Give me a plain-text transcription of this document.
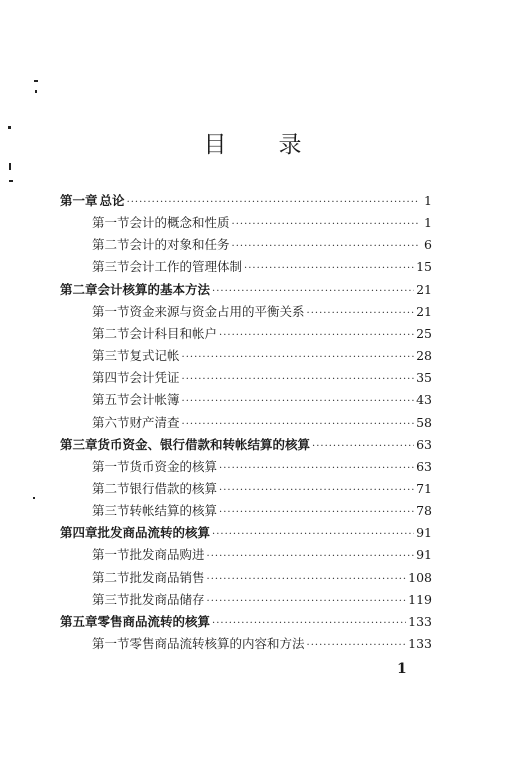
目 录
第一章 总论 ·····	1
第一节 会计的概念和性质 ·····	1
第二节 会计的对象和任务 ·····	6
第三节 会计工作的管理体制 ·····	15
第二章 会计核算的基本方法 ·····	21
第一节 资金来源与资金占用的平衡关系 ·····	21
第二节 会计科目和帐户 ·····	25
第三节 复式记帐 ·····	28
第四节 会计凭证 ·····	35
第五节 会计帐簿 ·····	43
第六节 财产清查 ·····	58
第三章 货币资金、银行借款和转帐结算的核算 ·····	63
第一节 货币资金的核算 ·····	63
第二节 银行借款的核算 ·····	71
第三节 转帐结算的核算 ·····	78
第四章 批发商品流转的核算 ·····	91
第一节 批发商品购进 ·····	91
第二节 批发商品销售 ·····	108
第三节 批发商品储存 ·····	119
第五章 零售商品流转的核算 ·····	133
第一节 零售商品流转核算的内容和方法 ·····	133
1
